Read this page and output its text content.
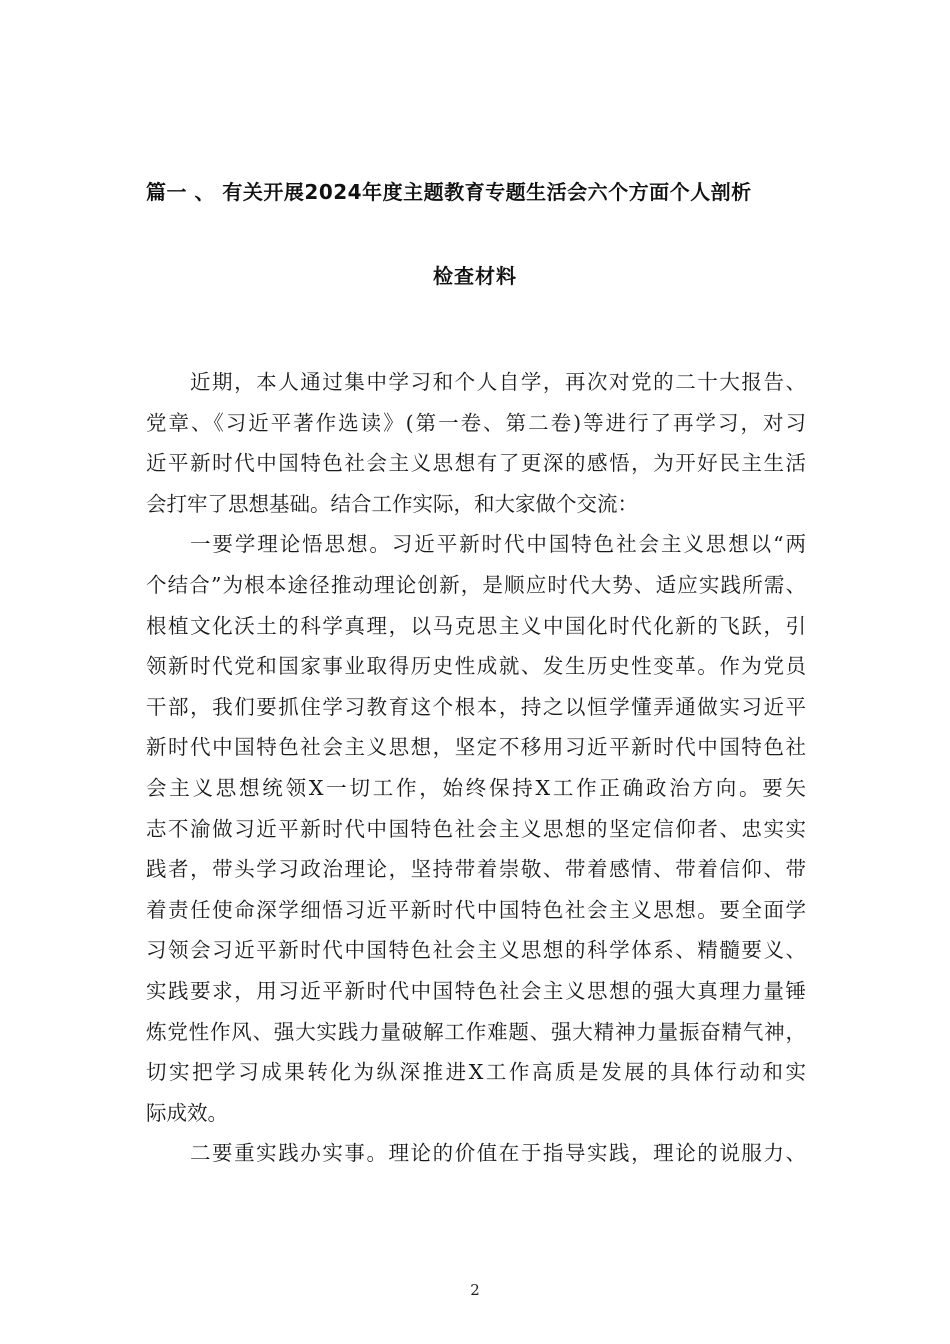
篇一 、 有关开展2024年度主题教育专题生活会六个方面个人剖析
检查材料
近期，本人通过集中学习和个人自学，再次对党的二十大报告、
党章、《习近平著作选读》(第一卷、第二卷)等进行了再学习，对习
近平新时代中国特色社会主义思想有了更深的感悟，为开好民主生活
会打牢了思想基础。结合工作实际，和大家做个交流：
一要学理论悟思想。习近平新时代中国特色社会主义思想以“两
个结合”为根本途径推动理论创新，是顺应时代大势、适应实践所需、
根植文化沃土的科学真理，以马克思主义中国化时代化新的飞跃，引
领新时代党和国家事业取得历史性成就、发生历史性变革。作为党员
干部，我们要抓住学习教育这个根本，持之以恒学懂弄通做实习近平
新时代中国特色社会主义思想，坚定不移用习近平新时代中国特色社
会主义思想统领X一切工作，始终保持X工作正确政治方向。要矢
志不渝做习近平新时代中国特色社会主义思想的坚定信仰者、忠实实
践者，带头学习政治理论，坚持带着崇敬、带着感情、带着信仰、带
着责任使命深学细悟习近平新时代中国特色社会主义思想。要全面学
习领会习近平新时代中国特色社会主义思想的科学体系、精髓要义、
实践要求，用习近平新时代中国特色社会主义思想的强大真理力量锤
炼党性作风、强大实践力量破解工作难题、强大精神力量振奋精气神，
切实把学习成果转化为纵深推进X工作高质是发展的具体行动和实
际成效。
二要重实践办实事。理论的价值在于指导实践，理论的说服力、
2
